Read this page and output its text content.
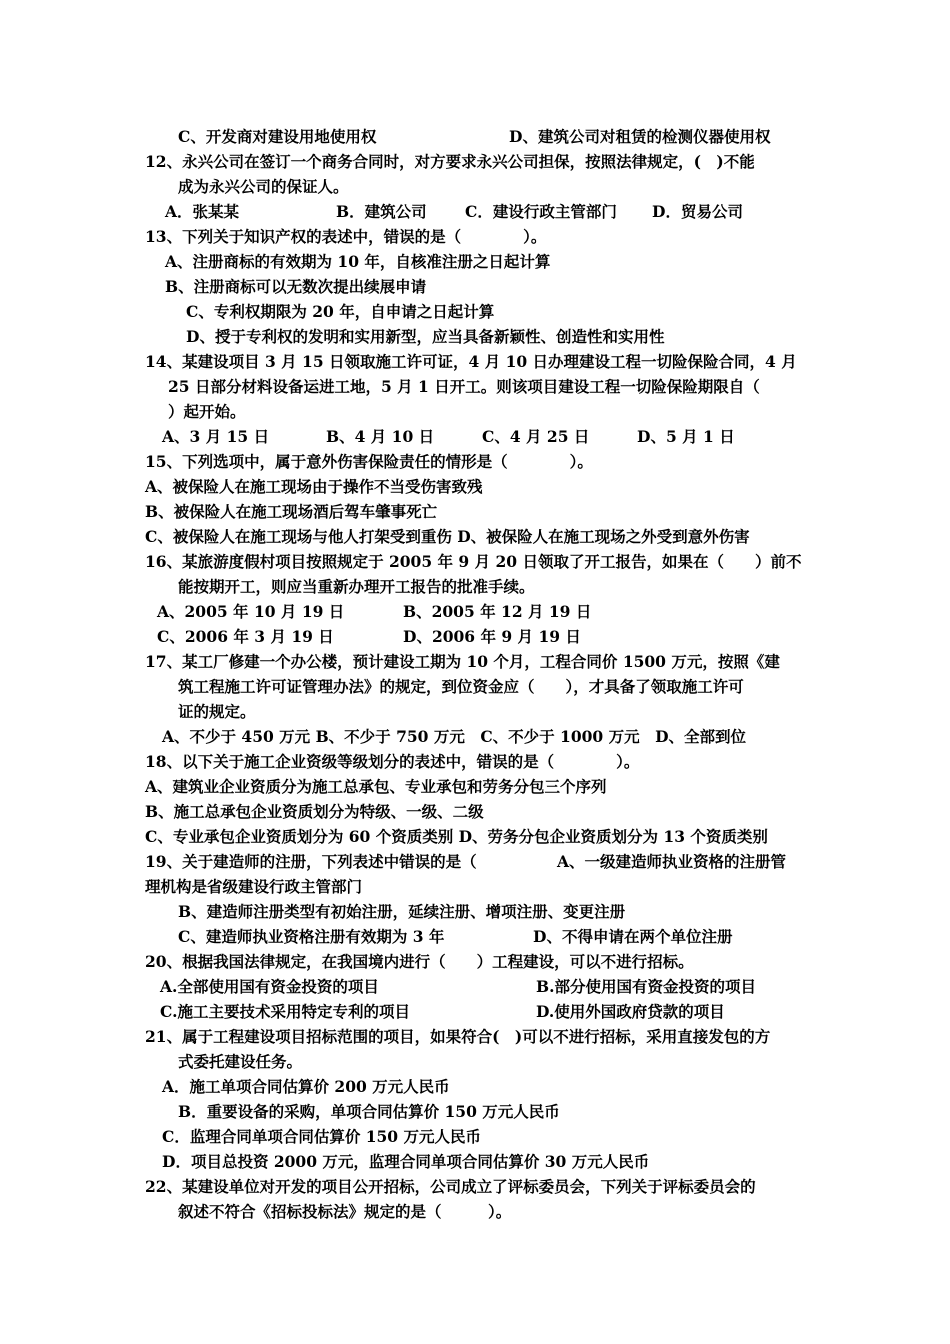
C、开发商对建设用地使用权	D、建筑公司对租赁的检测仪器使用权
12、永兴公司在签订一个商务合同时，对方要求永兴公司担保，按照法律规定，(　)不能
成为永兴公司的保证人。
A．张某某	B．建筑公司 C．建设行政主管部门 D．贸易公司
13、下列关于知识产权的表述中，错误的是（　　　　）。
A、注册商标的有效期为 10 年，自核准注册之日起计算
B、注册商标可以无数次提出续展申请
C、专利权期限为 20 年，自申请之日起计算
D、授于专利权的发明和实用新型，应当具备新颖性、创造性和实用性
14、某建设项目 3 月 15 日领取施工许可证，4 月 10 日办理建设工程一切险保险合同，4 月
25 日部分材料设备运进工地，5 月 1 日开工。则该项目建设工程一切险保险期限自（
）起开始。
A、3 月 15 日	B、4 月 10 日	C、4 月 25 日	D、5 月 1 日
15、下列选项中，属于意外伤害保险责任的情形是（　　　　）。
A、被保险人在施工现场由于操作不当受伤害致残
B、被保险人在施工现场酒后驾车肇事死亡
C、被保险人在施工现场与他人打架受到重伤 D、被保险人在施工现场之外受到意外伤害
16、某旅游度假村项目按照规定于 2005 年 9 月 20 日领取了开工报告，如果在（　　）前不
能按期开工，则应当重新办理开工报告的批准手续。
A、2005 年 10 月 19 日	B、2005 年 12 月 19 日
C、2006 年 3 月 19 日	D、2006 年 9 月 19 日
17、某工厂修建一个办公楼，预计建设工期为 10 个月，工程合同价 1500 万元，按照《建
筑工程施工许可证管理办法》的规定，到位资金应（　　），才具备了领取施工许可
证的规定。
A、不少于 450 万元 B、不少于 750 万元　C、不少于 1000 万元　D、全部到位
18、以下关于施工企业资级等级划分的表述中，错误的是（　　　　）。
A、建筑业企业资质分为施工总承包、专业承包和劳务分包三个序列
B、施工总承包企业资质划分为特级、一级、二级
C、专业承包企业资质划分为 60 个资质类别 D、劳务分包企业资质划分为 13 个资质类别
19、关于建造师的注册，下列表述中错误的是（	A、一级建造师执业资格的注册管
理机构是省级建设行政主管部门
B、建造师注册类型有初始注册，延续注册、增项注册、变更注册
C、建造师执业资格注册有效期为 3 年	D、不得申请在两个单位注册
20、根据我国法律规定，在我国境内进行（　　）工程建设，可以不进行招标。
A.全部使用国有资金投资的项目	B.部分使用国有资金投资的项目
C.施工主要技术采用特定专利的项目	D.使用外国政府贷款的项目
21、属于工程建设项目招标范围的项目，如果符合(　)可以不进行招标，采用直接发包的方
式委托建设任务。
A．施工单项合同估算价 200 万元人民币
B．重要设备的采购，单项合同估算价 150 万元人民币
C．监理合同单项合同估算价 150 万元人民币
D．项目总投资 2000 万元，监理合同单项合同估算价 30 万元人民币
22、某建设单位对开发的项目公开招标，公司成立了评标委员会，下列关于评标委员会的
叙述不符合《招标投标法》规定的是（　　　）。
